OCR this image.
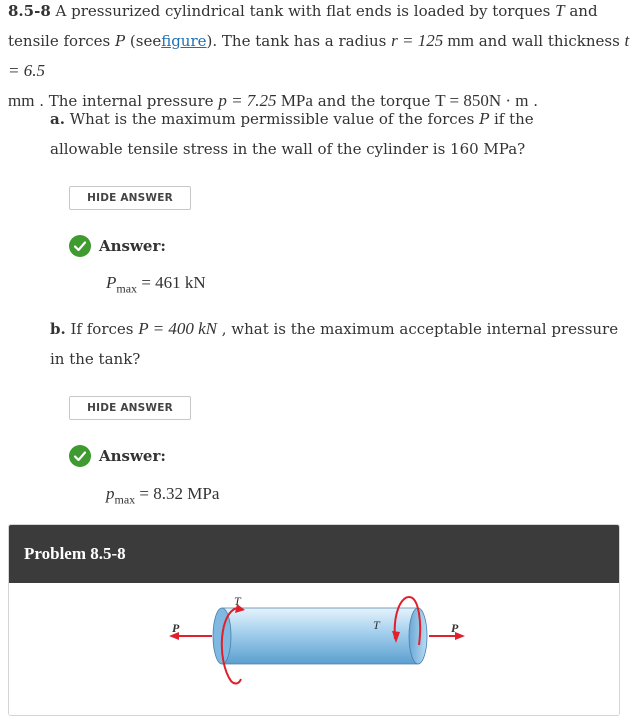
8.5-8 A pressurized cylindrical tank with flat ends is loaded by torques T and tensile forces P (seefigure). The tank has a radius r = 125 mm and wall thickness t = 6.5
mm . The internal pressure p = 7.25 MPa and the torque T = 850N · m .
a. What is the maximum permissible value of the forces P if the allowable tensile stress in the wall of the cylinder is 160 MPa?
HIDE ANSWER
Answer:
$P_{max} = 461$ kN
b. If forces P = 400 kN , what is the maximum acceptable internal pressure in the tank?
HIDE ANSWER
Answer:
$p_{max} = 8.32$ MPa
Problem 8.5-8
P	P
T
T
